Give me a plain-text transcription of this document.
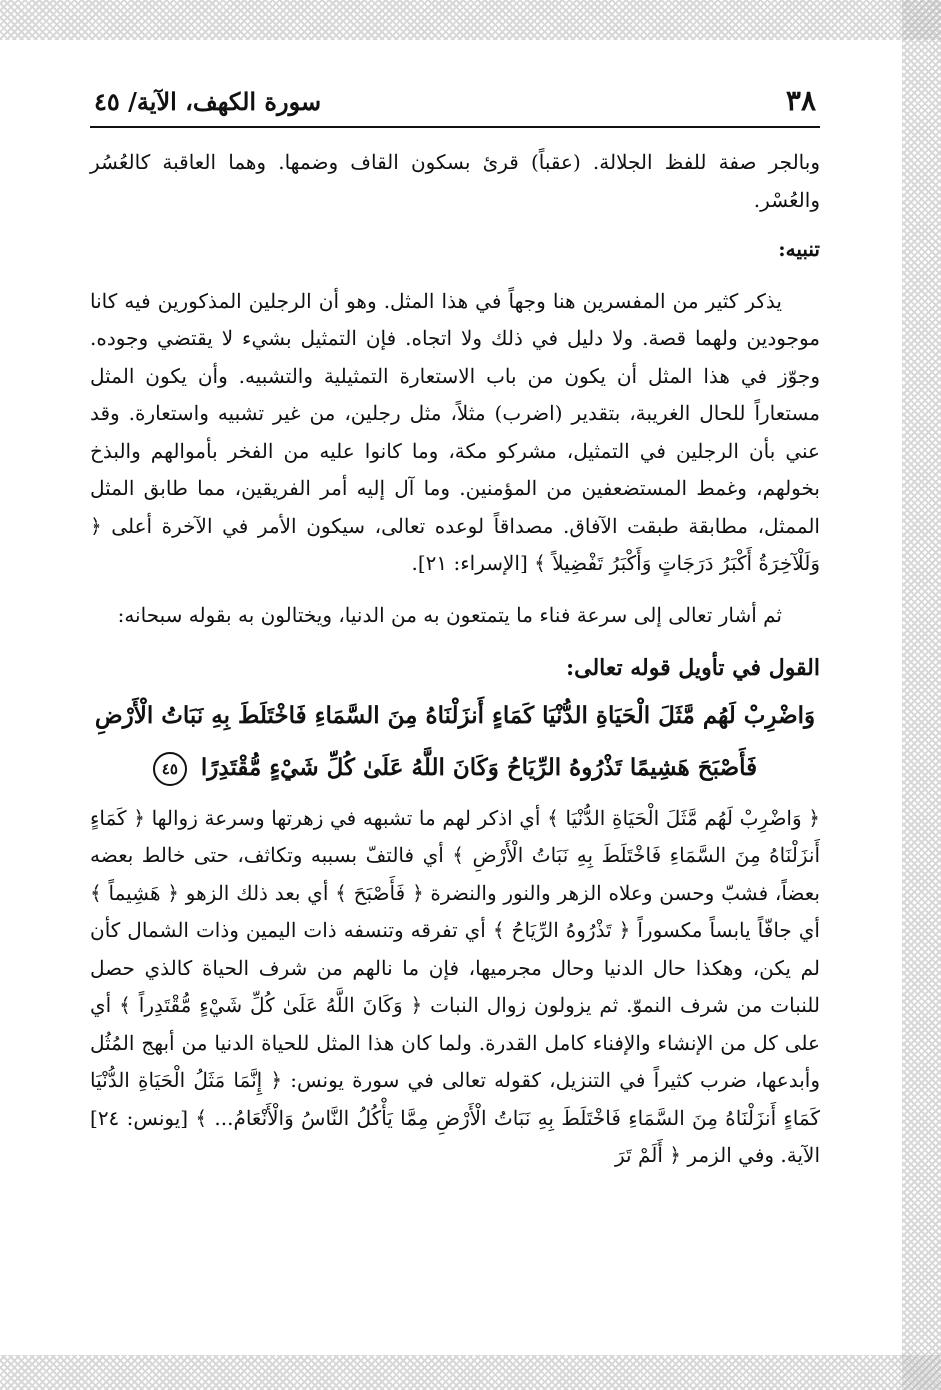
٣٨
سورة الكهف، الآية/ ٤٥

وبالجر صفة للفظ الجلالة. (عقباً) قرئ بسكون القاف وضمها. وهما العاقبة كالعُسُر والعُسْر.

تنبيه:

يذكر كثير من المفسرين هنا وجهاً في هذا المثل. وهو أن الرجلين المذكورين فيه كانا موجودين ولهما قصة. ولا دليل في ذلك ولا اتجاه. فإن التمثيل بشيء لا يقتضي وجوده. وجوّز في هذا المثل أن يكون من باب الاستعارة التمثيلية والتشبيه. وأن يكون المثل مستعاراً للحال الغريبة، بتقدير (اضرب) مثلاً، مثل رجلين، من غير تشبيه واستعارة. وقد عني بأن الرجلين في التمثيل، مشركو مكة، وما كانوا عليه من الفخر بأموالهم والبذخ بخولهم، وغمط المستضعفين من المؤمنين. وما آل إليه أمر الفريقين، مما طابق المثل الممثل، مطابقة طبقت الآفاق. مصداقاً لوعده تعالى، سيكون الأمر في الآخرة أعلى ﴿ وَلَلْآخِرَةُ أَكْبَرُ دَرَجَاتٍ وَأَكْبَرُ تَفْضِيلاً ﴾ [الإسراء: ٢١].

ثم أشار تعالى إلى سرعة فناء ما يتمتعون به من الدنيا، ويختالون به بقوله سبحانه:

القول في تأويل قوله تعالى:

وَاضْرِبْ لَهُم مَّثَلَ الْحَيَاةِ الدُّنْيَا كَمَاءٍ أَنزَلْنَاهُ مِنَ السَّمَاءِ فَاخْتَلَطَ بِهِ نَبَاتُ الْأَرْضِ
فَأَصْبَحَ هَشِيمًا تَذْرُوهُ الرِّيَاحُ وَكَانَ اللَّهُ عَلَىٰ كُلِّ شَيْءٍ مُّقْتَدِرًا ٤٥

﴿ وَاضْرِبْ لَهُم مَّثَلَ الْحَيَاةِ الدُّنْيَا ﴾ أي اذكر لهم ما تشبهه في زهرتها وسرعة زوالها ﴿ كَمَاءٍ أَنزَلْنَاهُ مِنَ السَّمَاءِ فَاخْتَلَطَ بِهِ نَبَاتُ الْأَرْضِ ﴾ أي فالتفّ بسببه وتكاثف، حتى خالط بعضه بعضاً، فشبّ وحسن وعلاه الزهر والنور والنضرة ﴿ فَأَصْبَحَ ﴾ أي بعد ذلك الزهو ﴿ هَشِيماً ﴾ أي جافّاً يابساً مكسوراً ﴿ تَذْرُوهُ الرِّيَاحُ ﴾ أي تفرقه وتنسفه ذات اليمين وذات الشمال كأن لم يكن، وهكذا حال الدنيا وحال مجرميها، فإن ما نالهم من شرف الحياة كالذي حصل للنبات من شرف النموّ. ثم يزولون زوال النبات ﴿ وَكَانَ اللَّهُ عَلَىٰ كُلِّ شَيْءٍ مُّقْتَدِراً ﴾ أي على كل من الإنشاء والإفناء كامل القدرة. ولما كان هذا المثل للحياة الدنيا من أبهج المُثُل وأبدعها، ضرب كثيراً في التنزيل، كقوله تعالى في سورة يونس: ﴿ إِنَّمَا مَثَلُ الْحَيَاةِ الدُّنْيَا كَمَاءٍ أَنزَلْنَاهُ مِنَ السَّمَاءِ فَاخْتَلَطَ بِهِ نَبَاتُ الْأَرْضِ مِمَّا يَأْكُلُ النَّاسُ وَالْأَنْعَامُ... ﴾ [يونس: ٢٤] الآية. وفي الزمر ﴿ أَلَمْ تَرَ
